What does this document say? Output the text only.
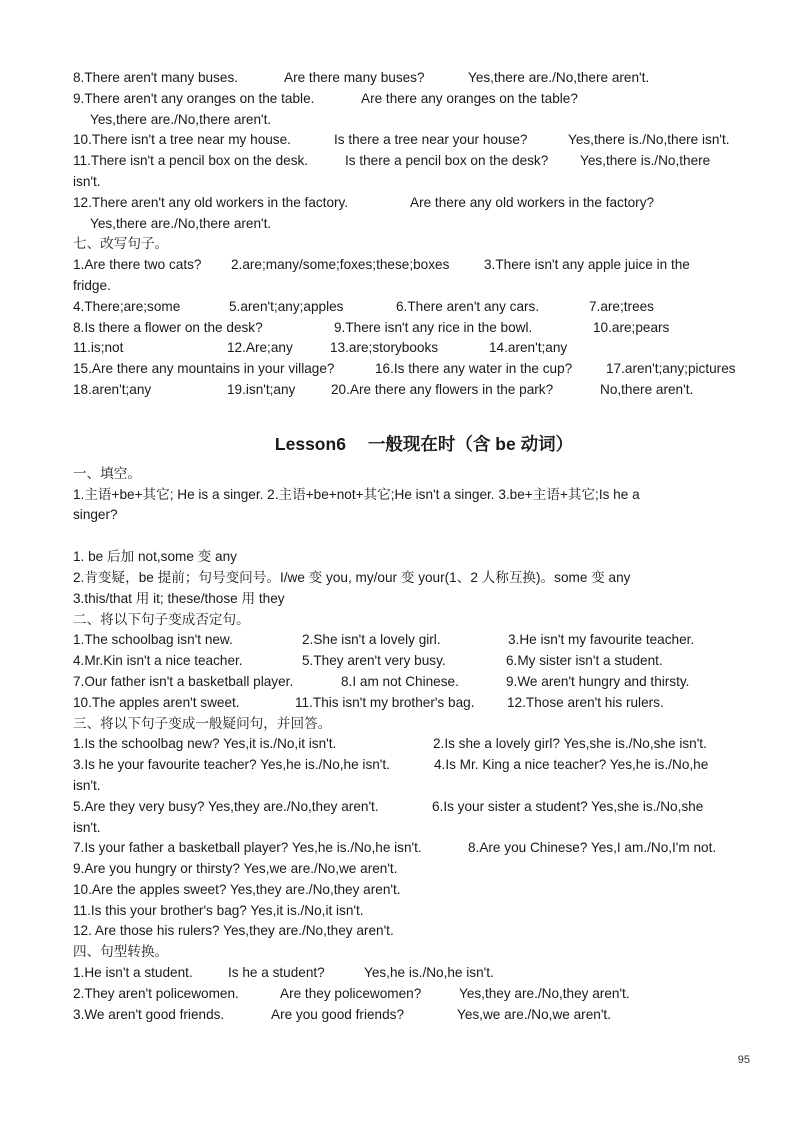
8.There aren't many buses.	Are there many buses?	Yes,there are./No,there aren't.
9.There aren't any oranges on the table.	Are there any oranges on the table?
Yes,there are./No,there aren't.
10.There isn't a tree near my house.	Is there a tree near your house?	Yes,there is./No,there isn't.
11.There isn't a pencil box on the desk.	Is there a pencil box on the desk? Yes,there is./No,there
isn't.
12.There aren't any old workers in the factory.	Are there any old workers in the factory?
Yes,there are./No,there aren't.
七、改写句子。
1.Are there two cats? 2.are;many/some;foxes;these;boxes	3.There isn't any apple juice in the
fridge.
4.There;are;some	5.aren't;any;apples	6.There aren't any cars.	7.are;trees
8.Is there a flower on the desk?	9.There isn't any rice in the bowl.	10.are;pears
11.is;not	12.Are;any	13.are;storybooks	14.aren't;any
15.Are there any mountains in your village?	16.Is there any water in the cup? 17.aren't;any;pictures
18.aren't;any	19.isn't;any	20.Are there any flowers in the park?	No,there aren't.
Lesson6 一般现在时（含 be 动词）
一、填空。
1.主语+be+其它; He is a singer. 2.主语+be+not+其它;He isn't a singer. 3.be+主语+其它;Is he a
singer?
1. be 后加 not,some 变 any
2.肯变疑，be 提前；句号变问号。I/we 变 you, my/our 变 your(1、2 人称互换)。some 变 any
3.this/that 用 it; these/those 用 they
二、将以下句子变成否定句。
1.The schoolbag isn't new.	2.She isn't a lovely girl.	3.He isn't my favourite teacher.
4.Mr.Kin isn't a nice teacher.	5.They aren't very busy.	6.My sister isn't a student.
7.Our father isn't a basketball player.	8.I am not Chinese.	9.We aren't hungry and thirsty.
10.The apples aren't sweet.	11.This isn't my brother's bag. 12.Those aren't his rulers.
三、将以下句子变成一般疑问句，并回答。
1.Is the schoolbag new? Yes,it is./No,it isn't.	2.Is she a lovely girl? Yes,she is./No,she isn't.
3.Is he your favourite teacher? Yes,he is./No,he isn't.	4.Is Mr. King a nice teacher? Yes,he is./No,he
isn't.
5.Are they very busy? Yes,they are./No,they aren't.	6.Is your sister a student? Yes,she is./No,she
isn't.
7.Is your father a basketball player? Yes,he is./No,he isn't.	8.Are you Chinese? Yes,I am./No,I'm not.
9.Are you hungry or thirsty? Yes,we are./No,we aren't.
10.Are the apples sweet? Yes,they are./No,they aren't.
11.Is this your brother's bag? Yes,it is./No,it isn't.
12. Are those his rulers? Yes,they are./No,they aren't.
四、句型转换。
1.He isn't a student.	Is he a student?	Yes,he is./No,he isn't.
2.They aren't policewomen.	Are they policewomen?	Yes,they are./No,they aren't.
3.We aren't good friends.	Are you good friends?	Yes,we are./No,we aren't.
95
